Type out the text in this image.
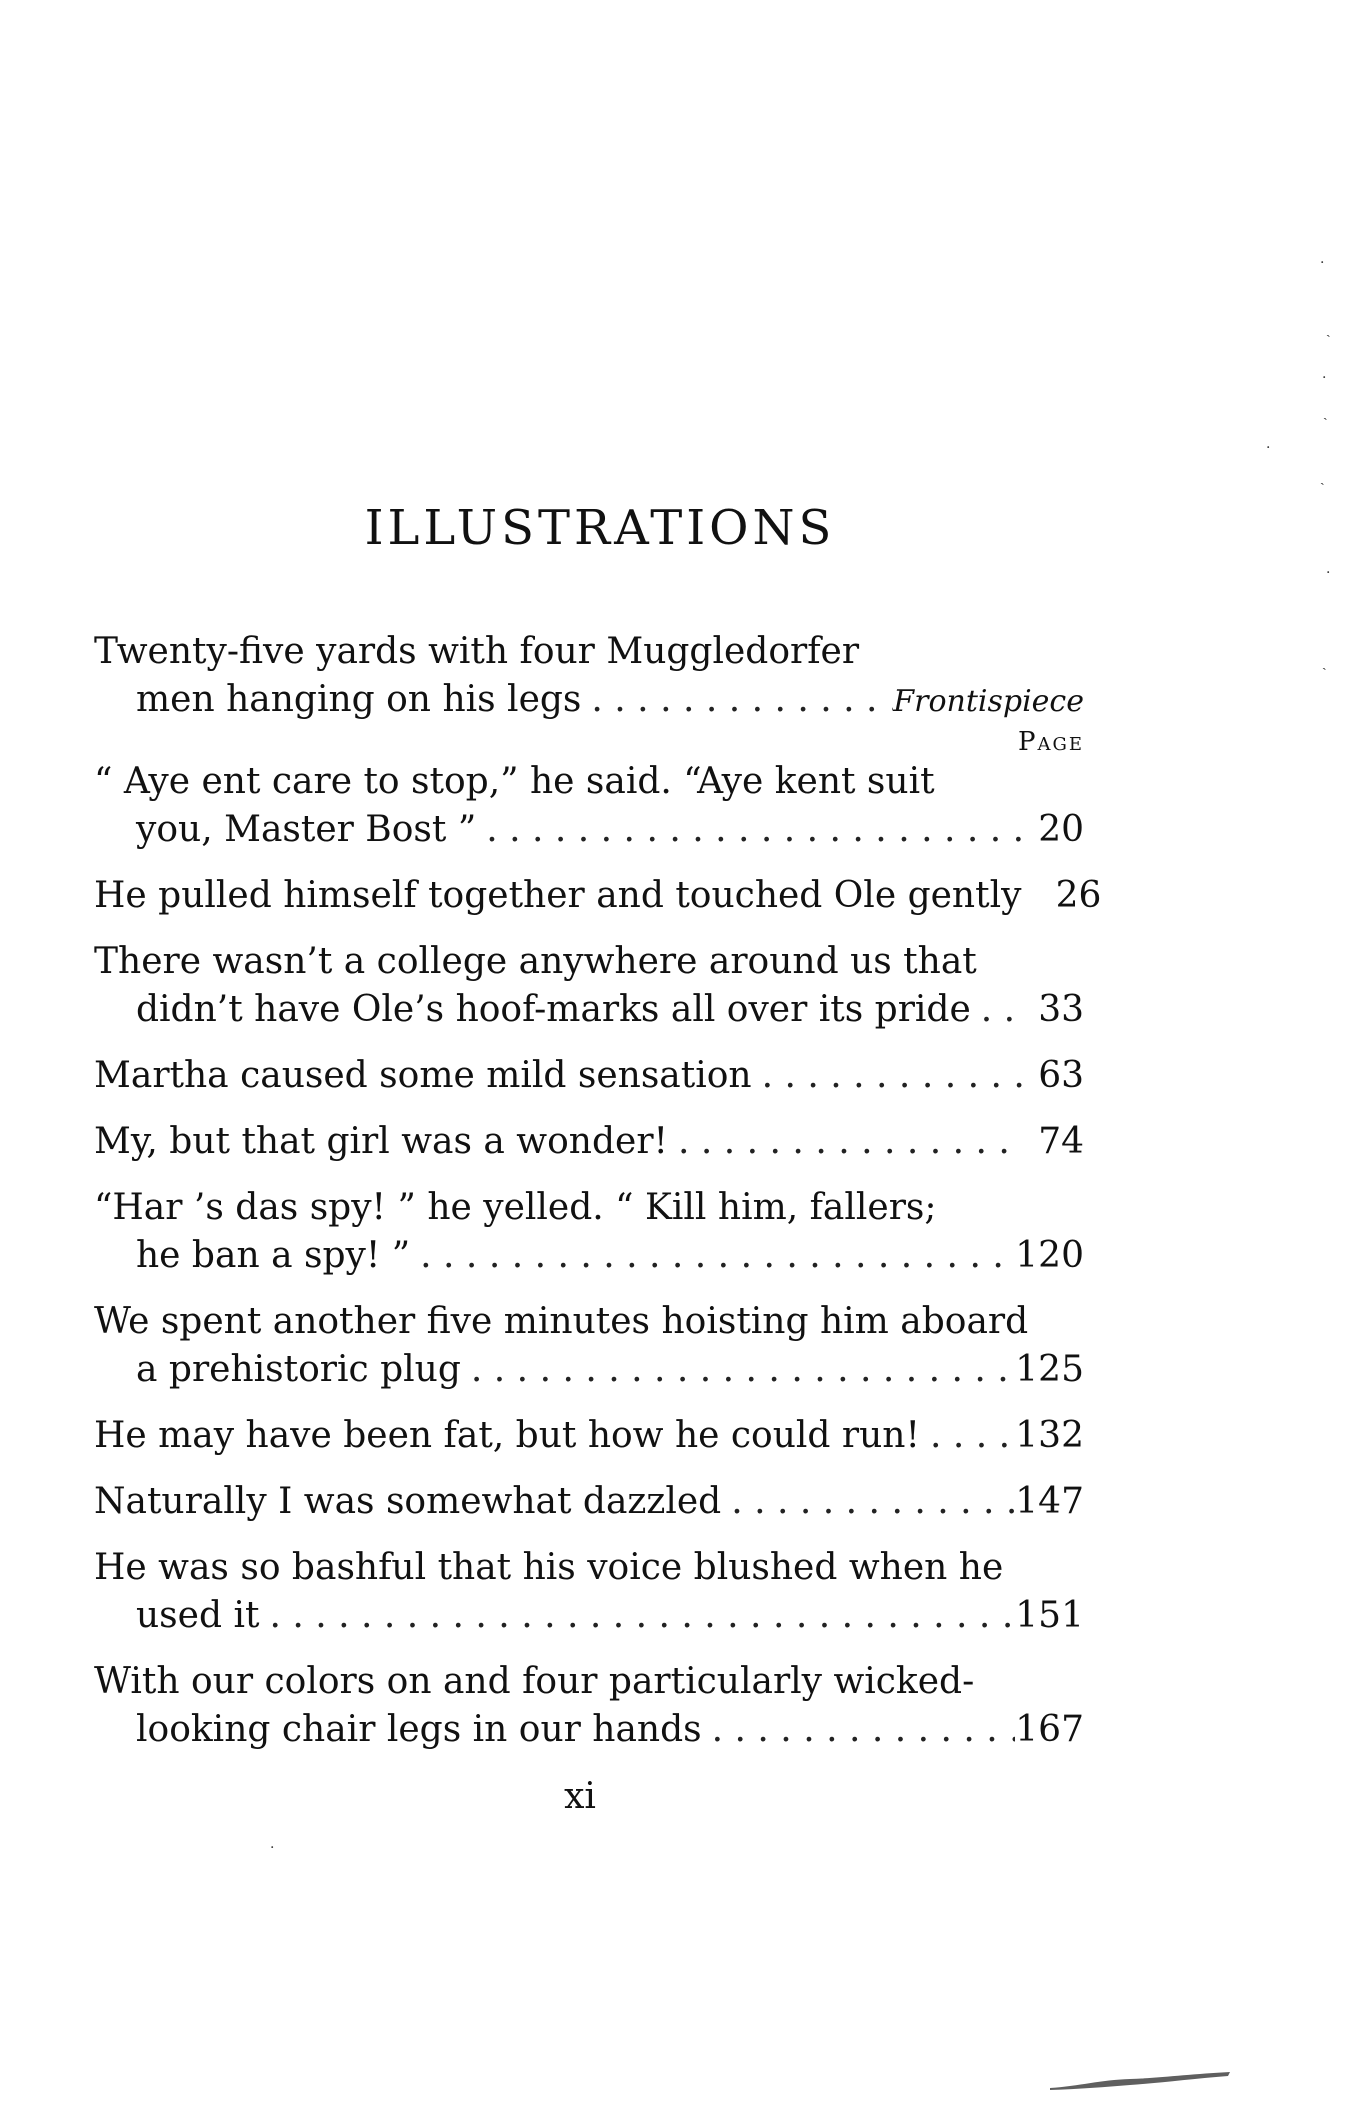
ILLUSTRATIONS
Twenty-five yards with four Muggledorfer
men hanging on his legs . . .	Frontispiece
Page
“ Aye ent care to stop,” he said. “Aye kent suit
you, Master Bost ” . . .	20
He pulled himself together and touched Ole gently 26
There wasn’t a college anywhere around us that
didn’t have Ole’s hoof-marks all over its pride . . .	33
Martha caused some mild sensation . . .	63
My, but that girl was a wonder! . . .	74
“Har ’s das spy! ” he yelled. “ Kill him, fallers;
he ban a spy! ” . . .	120
We spent another five minutes hoisting him aboard
a prehistoric plug . . .	125
He may have been fat, but how he could run! . . .	132
Naturally I was somewhat dazzled . . .	147
He was so bashful that his voice blushed when he
used it . . .	151
With our colors on and four particularly wicked-
looking chair legs in our hands . . .	167
xi
·
ˎ
·
ˎ
·
ˏ
·
ˎ
·
